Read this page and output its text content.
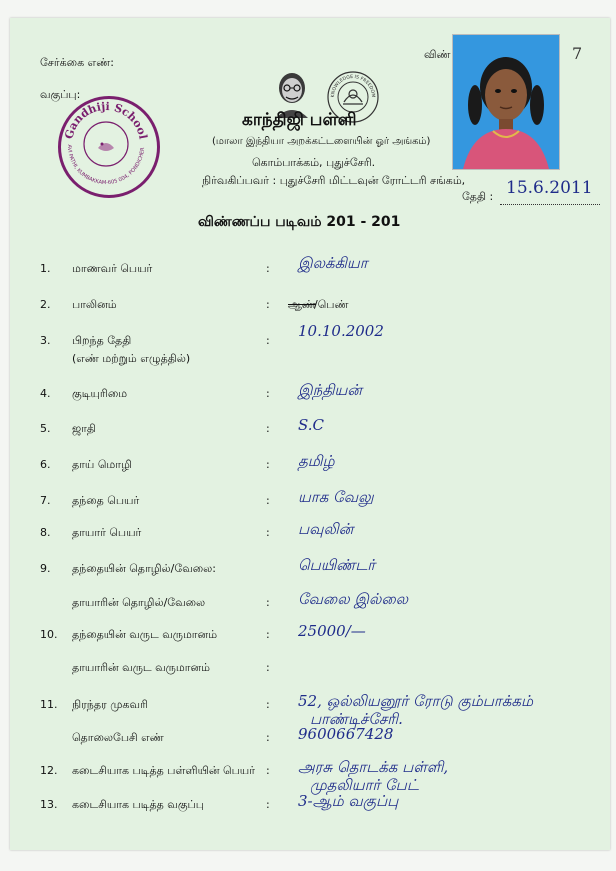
சேர்க்கை எண்:
வகுப்பு:
விண்	7
Gandhiji School
AVI PATHI, KUMBAKKAM-605 004, PONDICHER
KNOWLEDGE IS FREEDOM
காந்திஜி பள்ளி
(மாலா இந்தியா அறக்கட்டளையின் ஓர் அங்கம்)
கொம்பாக்கம், புதுச்சேரி.
நிர்வகிப்பவர் : புதுச்சேரி மிட்டவுன் ரோட்டரி சங்கம்,
தேதி : 15.6.2011
விண்ணப்ப படிவம் 201 - 201
1. மாணவர் பெயர்	: இலக்கியா
2. பாலினம்	: ஆண்
/பெண்
3. பிறந்த தேதி
(எண் மற்றும் எழுத்தில்)
:
10.10.2002
4. குடியுரிமை	: இந்தியன்
5. ஜாதி	: S.C
6. தாய் மொழி	: தமிழ்
7. தந்தை பெயர்	: யாக வேலு
8. தாயார் பெயர்	: பவுலின்
9. தந்தையின் தொழில்/வேலை:	பெயிண்டர்
தாயாரின் தொழில்/வேலை	: வேலை இல்லை
10. தந்தையின் வருட வருமானம்	: 25000/—
தாயாரின் வருட வருமானம்	:
11. நிரந்தர முகவரி	: 52, ஒல்லியனூர் ரோடு கும்பாக்கம்
பாண்டிச்சேரி.
தொலைபேசி எண்	: 9600667428
12. கடைசியாக படித்த பள்ளியின் பெயர் : அரசு தொடக்க பள்ளி,
முதலியார் பேட்
13. கடைசியாக படித்த வகுப்பு	: 3-ஆம் வகுப்பு
